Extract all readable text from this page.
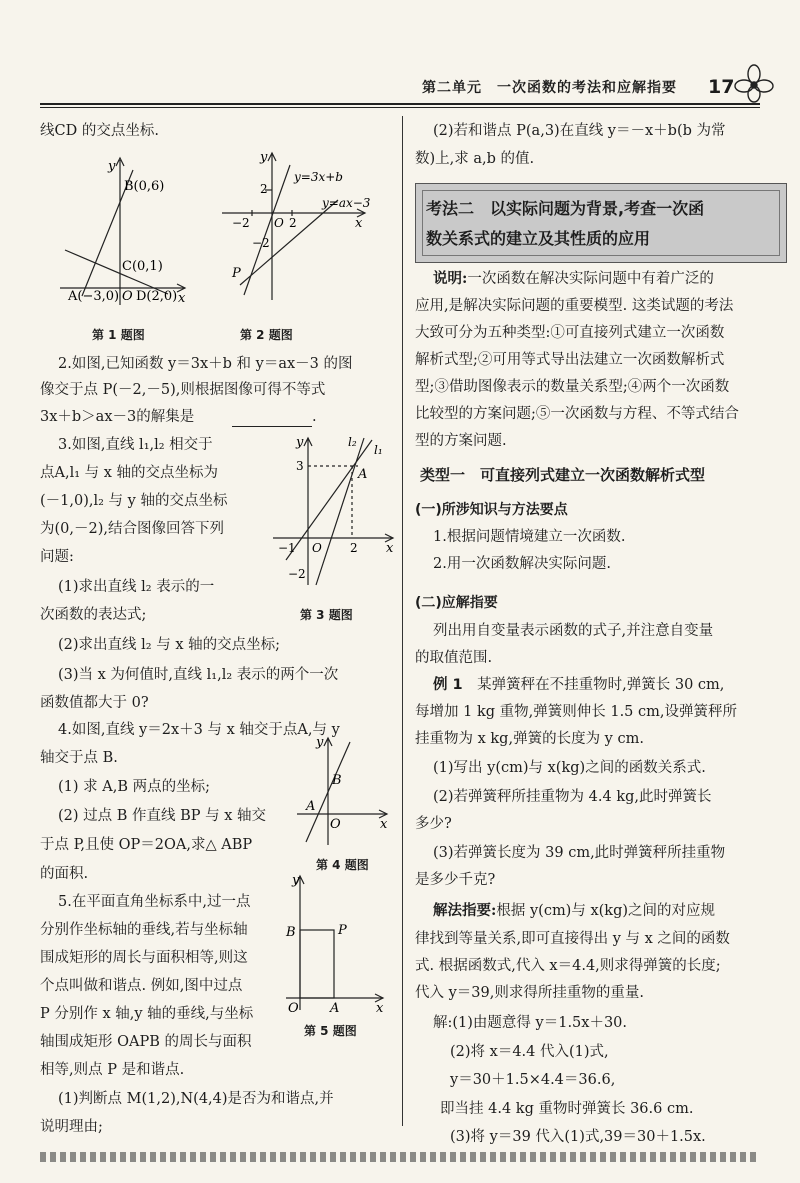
第二单元　 一次函数的考法和应解指要 17
线CD 的交点坐标.
y
B(0,6)
C(0,1)
A(−3,0) O D(2,0) x
第 1 题图
y
y=3x+b
2
y=ax−3
−2 O 2	x
−2
P
第 2 题图
2.如图,已知函数 y＝3x＋b 和 y＝ax－3 的图
像交于点 P(－2,－5),则根据图像可得不等式
3x＋b＞ax－3的解集是	.
3.如图,直线 l₁,l₂ 相交于
点A,l₁ 与 x 轴的交点坐标为
(－1,0),l₂ 与 y 轴的交点坐标
为(0,－2),结合图像回答下列
问题:
(1)求出直线 l₂ 表示的一
次函数的表达式;
(2)求出直线 l₂ 与 x 轴的交点坐标;
(3)当 x 为何值时,直线 l₁,l₂ 表示的两个一次
函数值都大于 0?
y	l₂
l₁
3
A
−1 O 2 x
−2
第 3 题图
4.如图,直线 y＝2x＋3 与 x 轴交于点A,与 y
轴交于点 B.
(1) 求 A,B 两点的坐标;
(2) 过点 B 作直线 BP 与 x 轴交
于点 P,且使 OP＝2OA,求△ ABP
的面积.
y
B
A
O	x
第 4 题图
5.在平面直角坐标系中,过一点
分别作坐标轴的垂线,若与坐标轴
围成矩形的周长与面积相等,则这
个点叫做和谐点. 例如,图中过点
P 分别作 x 轴,y 轴的垂线,与坐标
轴围成矩形 OAPB 的周长与面积
相等,则点 P 是和谐点.
(1)判断点 M(1,2),N(4,4)是否为和谐点,并
说明理由;
y
B	P
O A	x
第 5 题图
(2)若和谐点 P(a,3)在直线 y＝－x＋b(b 为常
数)上,求 a,b 的值.
考法二　以实际问题为背景,考查一次函
数关系式的建立及其性质的应用
说明:一次函数在解决实际问题中有着广泛的
应用,是解决实际问题的重要模型. 这类试题的考法
大致可分为五种类型:①可直接列式建立一次函数
解析式型;②可用等式导出法建立一次函数解析式
型;③借助图像表示的数量关系型;④两个一次函数
比较型的方案问题;⑤一次函数与方程、不等式结合
型的方案问题.
类型一　可直接列式建立一次函数解析式型
(一)所涉知识与方法要点
1.根据问题情境建立一次函数.
2.用一次函数解决实际问题.
(二)应解指要
列出用自变量表示函数的式子,并注意自变量
的取值范围.
例 1　 某弹簧秤在不挂重物时,弹簧长 30 cm,
每增加 1 kg 重物,弹簧则伸长 1.5 cm,设弹簧秤所
挂重物为 x kg,弹簧的长度为 y cm.
(1)写出 y(cm)与 x(kg)之间的函数关系式.
(2)若弹簧秤所挂重物为 4.4 kg,此时弹簧长
多少?
(3)若弹簧长度为 39 cm,此时弹簧秤所挂重物
是多少千克?
解法指要:根据 y(cm)与 x(kg)之间的对应规
律找到等量关系,即可直接得出 y 与 x 之间的函数
式. 根据函数式,代入 x＝4.4,则求得弹簧的长度;
代入 y＝39,则求得所挂重物的重量.
解:(1)由题意得 y＝1.5x＋30.
(2)将 x＝4.4 代入(1)式,
y＝30＋1.5×4.4＝36.6,
即当挂 4.4 kg 重物时弹簧长 36.6 cm.
(3)将 y＝39 代入(1)式,39＝30＋1.5x.
